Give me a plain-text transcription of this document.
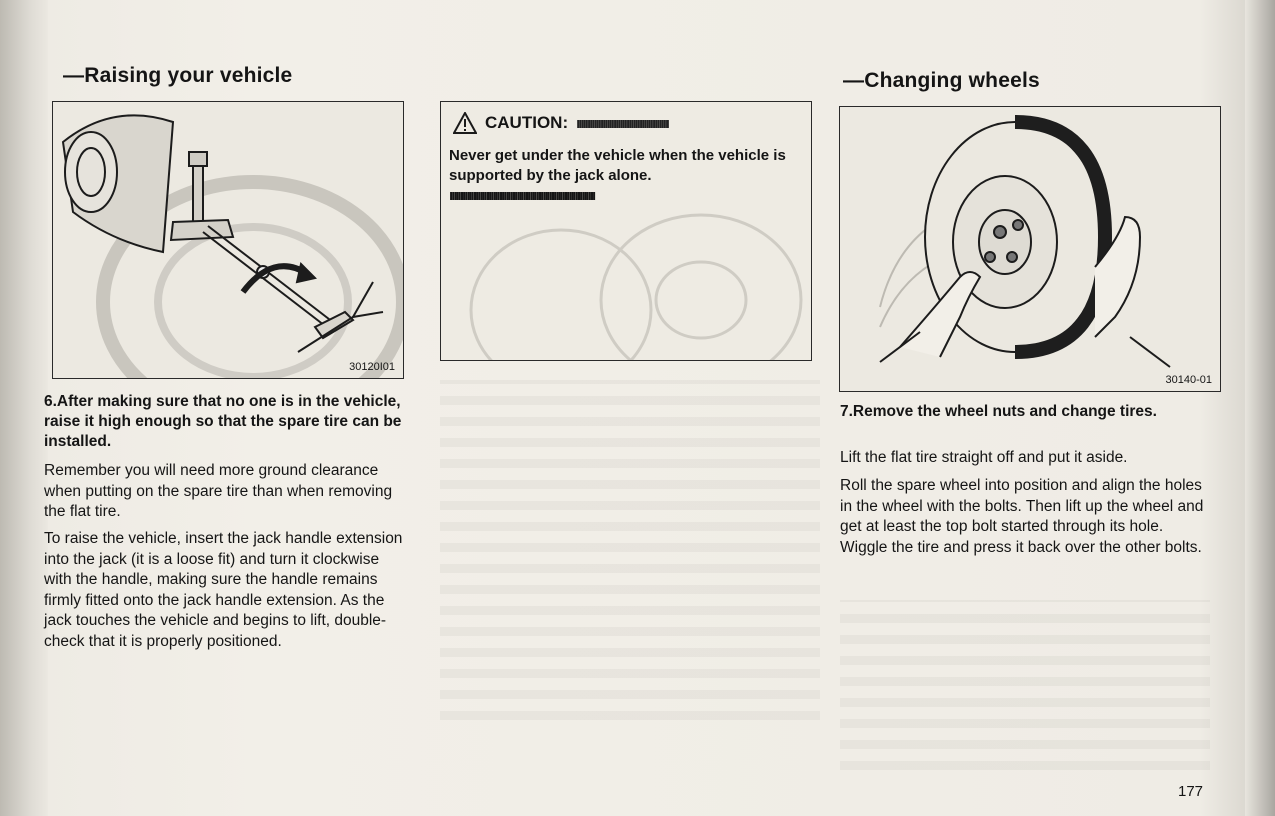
—Raising your vehicle
30120I01

6.After making sure that no one is in the vehicle, raise it high enough so that the spare tire can be installed.

Remember you will need more ground clearance when putting on the spare tire than when removing the flat tire.

To raise the vehicle, insert the jack handle extension into the jack (it is a loose fit) and turn it clockwise with the handle, making sure the handle remains firmly fitted onto the jack handle extension. As the jack touches the vehicle and begins to lift, double-check that it is properly positioned.

CAUTION: ııııııııııııııııııııııııııııııııııııııııııı

Never get under the vehicle when the vehicle is supported by the jack alone.

ııııııııııııııııııııııııııııııııııııııııııııııııııııııııııııııııııı
—Changing wheels
30140-01

7.Remove the wheel nuts and change tires.

Lift the flat tire straight off and put it aside.

Roll the spare wheel into position and align the holes in the wheel with the bolts. Then lift up the wheel and get at least the top bolt started through its hole. Wiggle the tire and press it back over the other bolts.

177
